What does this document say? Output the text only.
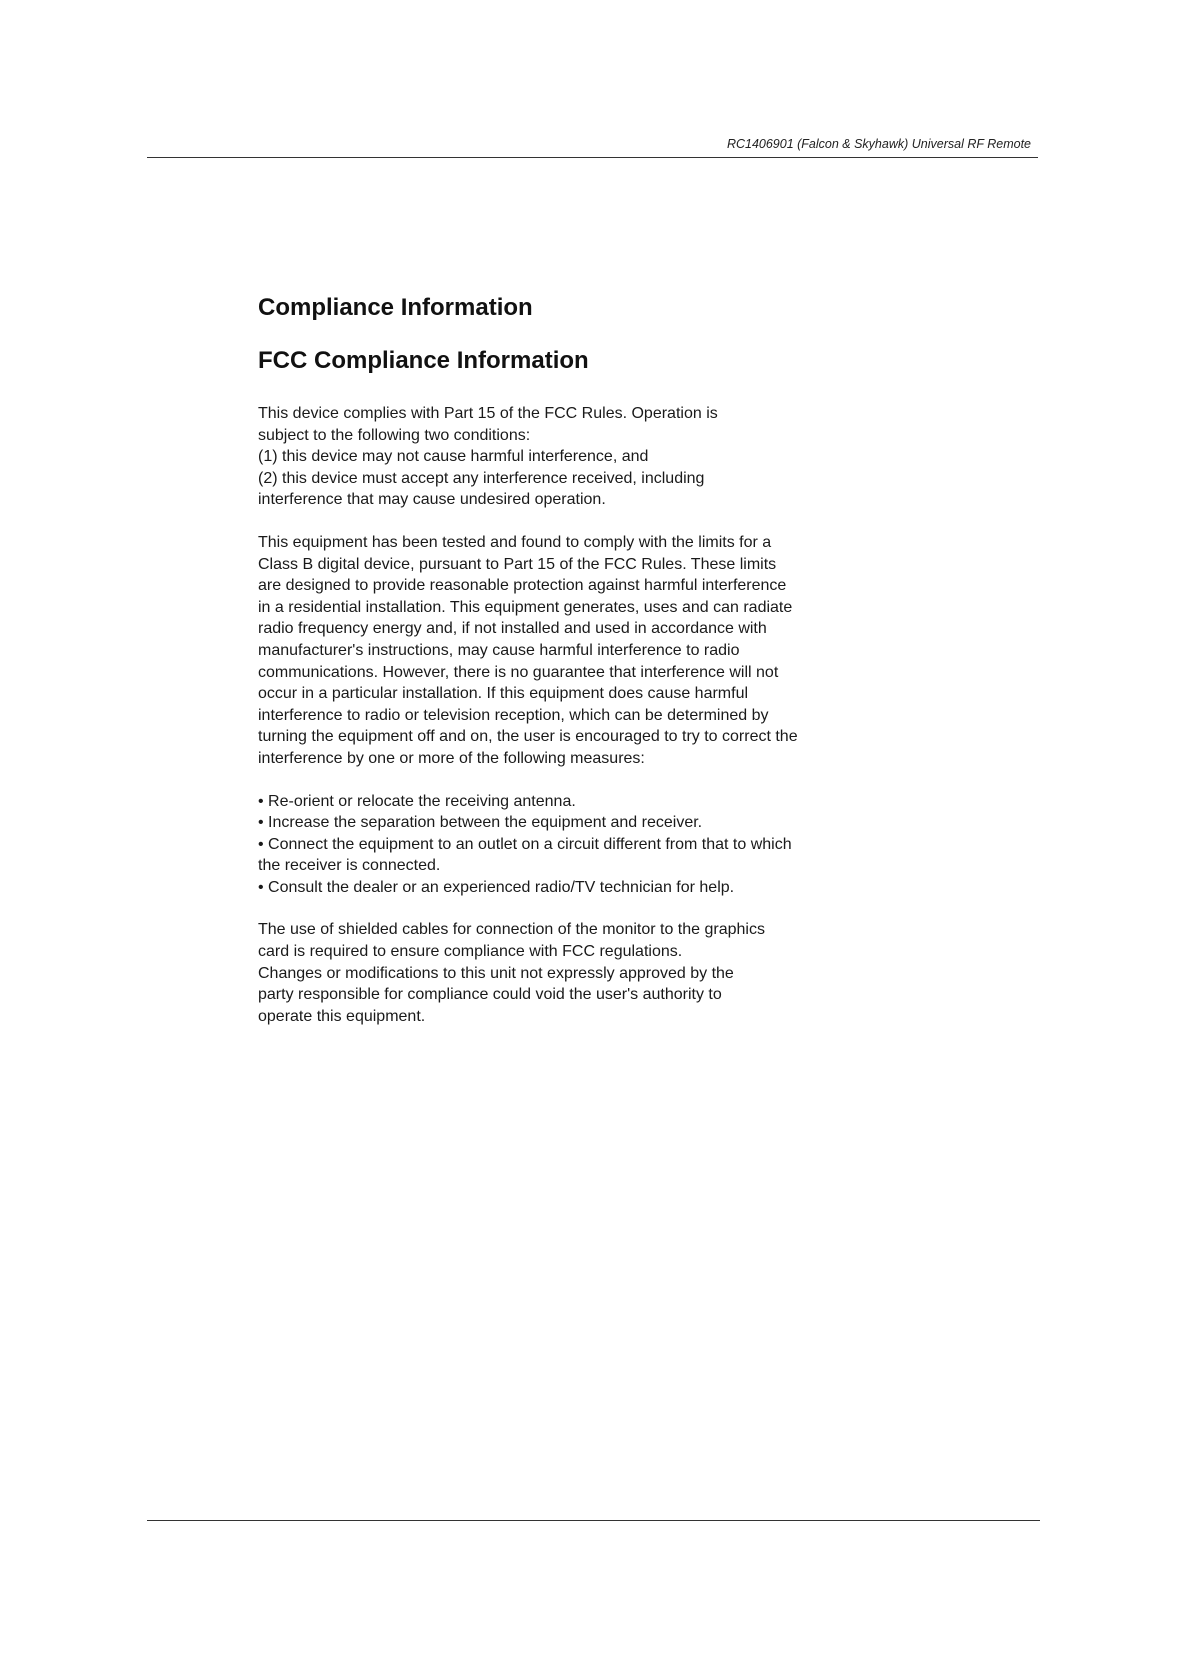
RC1406901 (Falcon & Skyhawk) Universal RF Remote
Compliance Information
FCC Compliance Information

This device complies with Part 15 of the FCC Rules. Operation is
subject to the following two conditions:
(1) this device may not cause harmful interference, and
(2) this device must accept any interference received, including
interference that may cause undesired operation.

This equipment has been tested and found to comply with the limits for a
Class B digital device, pursuant to Part 15 of the FCC Rules. These limits
are designed to provide reasonable protection against harmful interference
in a residential installation. This equipment generates, uses and can radiate
radio frequency energy and, if not installed and used in accordance with
manufacturer's instructions, may cause harmful interference to radio
communications. However, there is no guarantee that interference will not
occur in a particular installation. If this equipment does cause harmful
interference to radio or television reception, which can be determined by
turning the equipment off and on, the user is encouraged to try to correct the
interference by one or more of the following measures:

• Re-orient or relocate the receiving antenna.
• Increase the separation between the equipment and receiver.
• Connect the equipment to an outlet on a circuit different from that to which
the receiver is connected.
• Consult the dealer or an experienced radio/TV technician for help.

The use of shielded cables for connection of the monitor to the graphics
card is required to ensure compliance with FCC regulations.
Changes or modifications to this unit not expressly approved by the
party responsible for compliance could void the user's authority to
operate this equipment.
